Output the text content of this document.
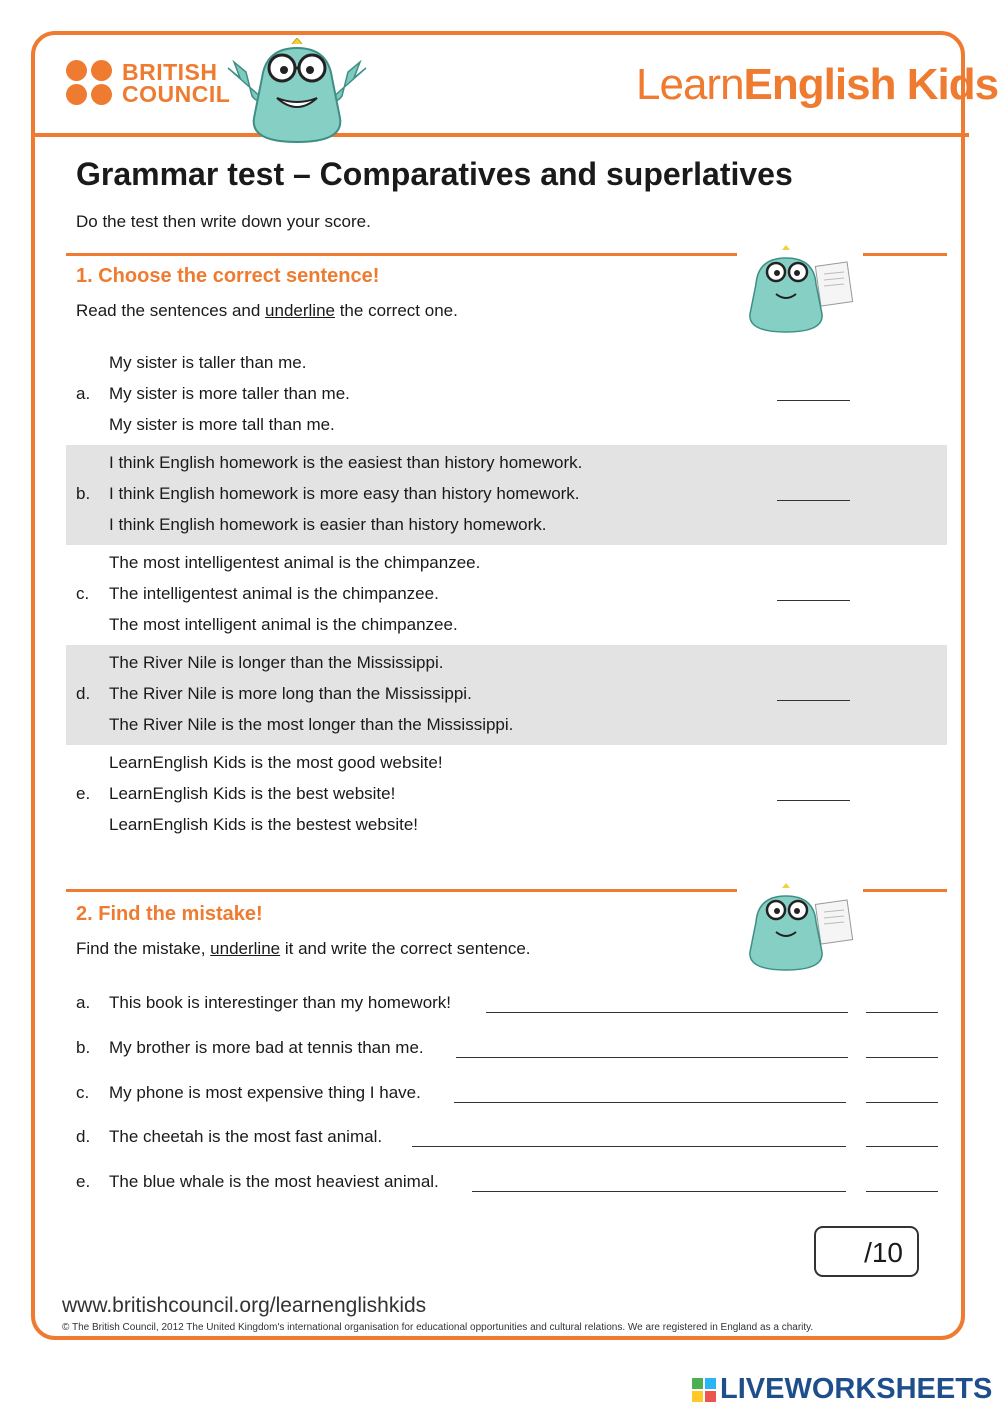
BRITISH
COUNCIL	LearnEnglish Kids
Grammar test – Comparatives and superlatives

Do the test then write down your score.

1. Choose the correct sentence!

Read the sentences and underline the correct one.

a.
My sister is taller than me.
My sister is more taller than me.
My sister is more tall than me.
b.
I think English homework is the easiest than history homework.
I think English homework is more easy than history homework.
I think English homework is easier than history homework.
c.
The most intelligentest animal is the chimpanzee.
The intelligentest animal is the chimpanzee.
The most intelligent animal is the chimpanzee.
d.
The River Nile is longer than the Mississippi.
The River Nile is more long than the Mississippi.
The River Nile is the most longer than the Mississippi.
e.
LearnEnglish Kids is the most good website!
LearnEnglish Kids is the best website!
LearnEnglish Kids is the bestest website!
2. Find the mistake!

Find the mistake, underline it and write the correct sentence.

a. This book is interestinger than my homework!
b. My brother is more bad at tennis than me.
c. My phone is most expensive thing I have.
d. The cheetah is the most fast animal.
e. The blue whale is the most heaviest animal.
/10

www.britishcouncil.org/learnenglishkids

© The British Council, 2012 The United Kingdom's international organisation for educational opportunities and cultural relations. We are registered in England as a charity.

LIVEWORKSHEETS
